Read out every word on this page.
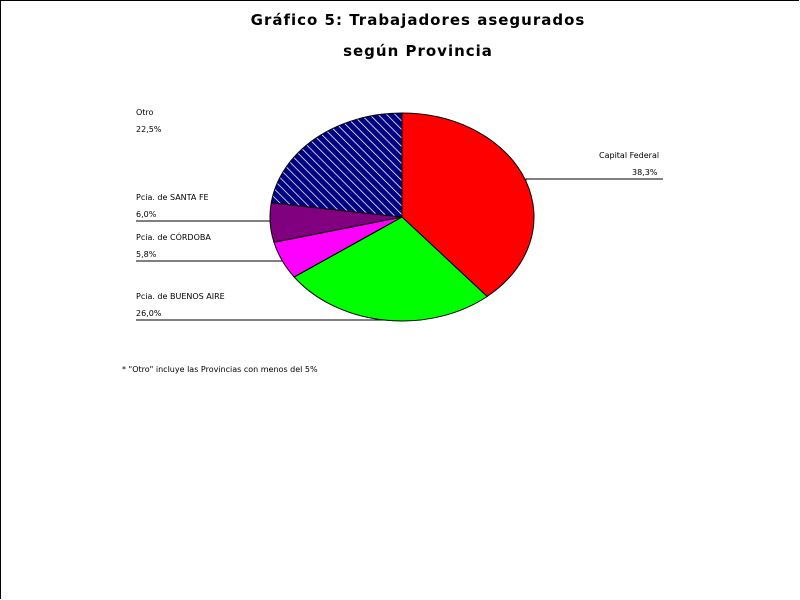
Gráfico 5: Trabajadores asegurados
según Provincia
Capital Federal
38,3%
Otro
22,5%
Pcia. de SANTA FE
6,0%
Pcia. de CÓRDOBA
5,8%
Pcia. de BUENOS AIRE
26,0%
* "Otro" incluye las Provincias con menos del 5%
